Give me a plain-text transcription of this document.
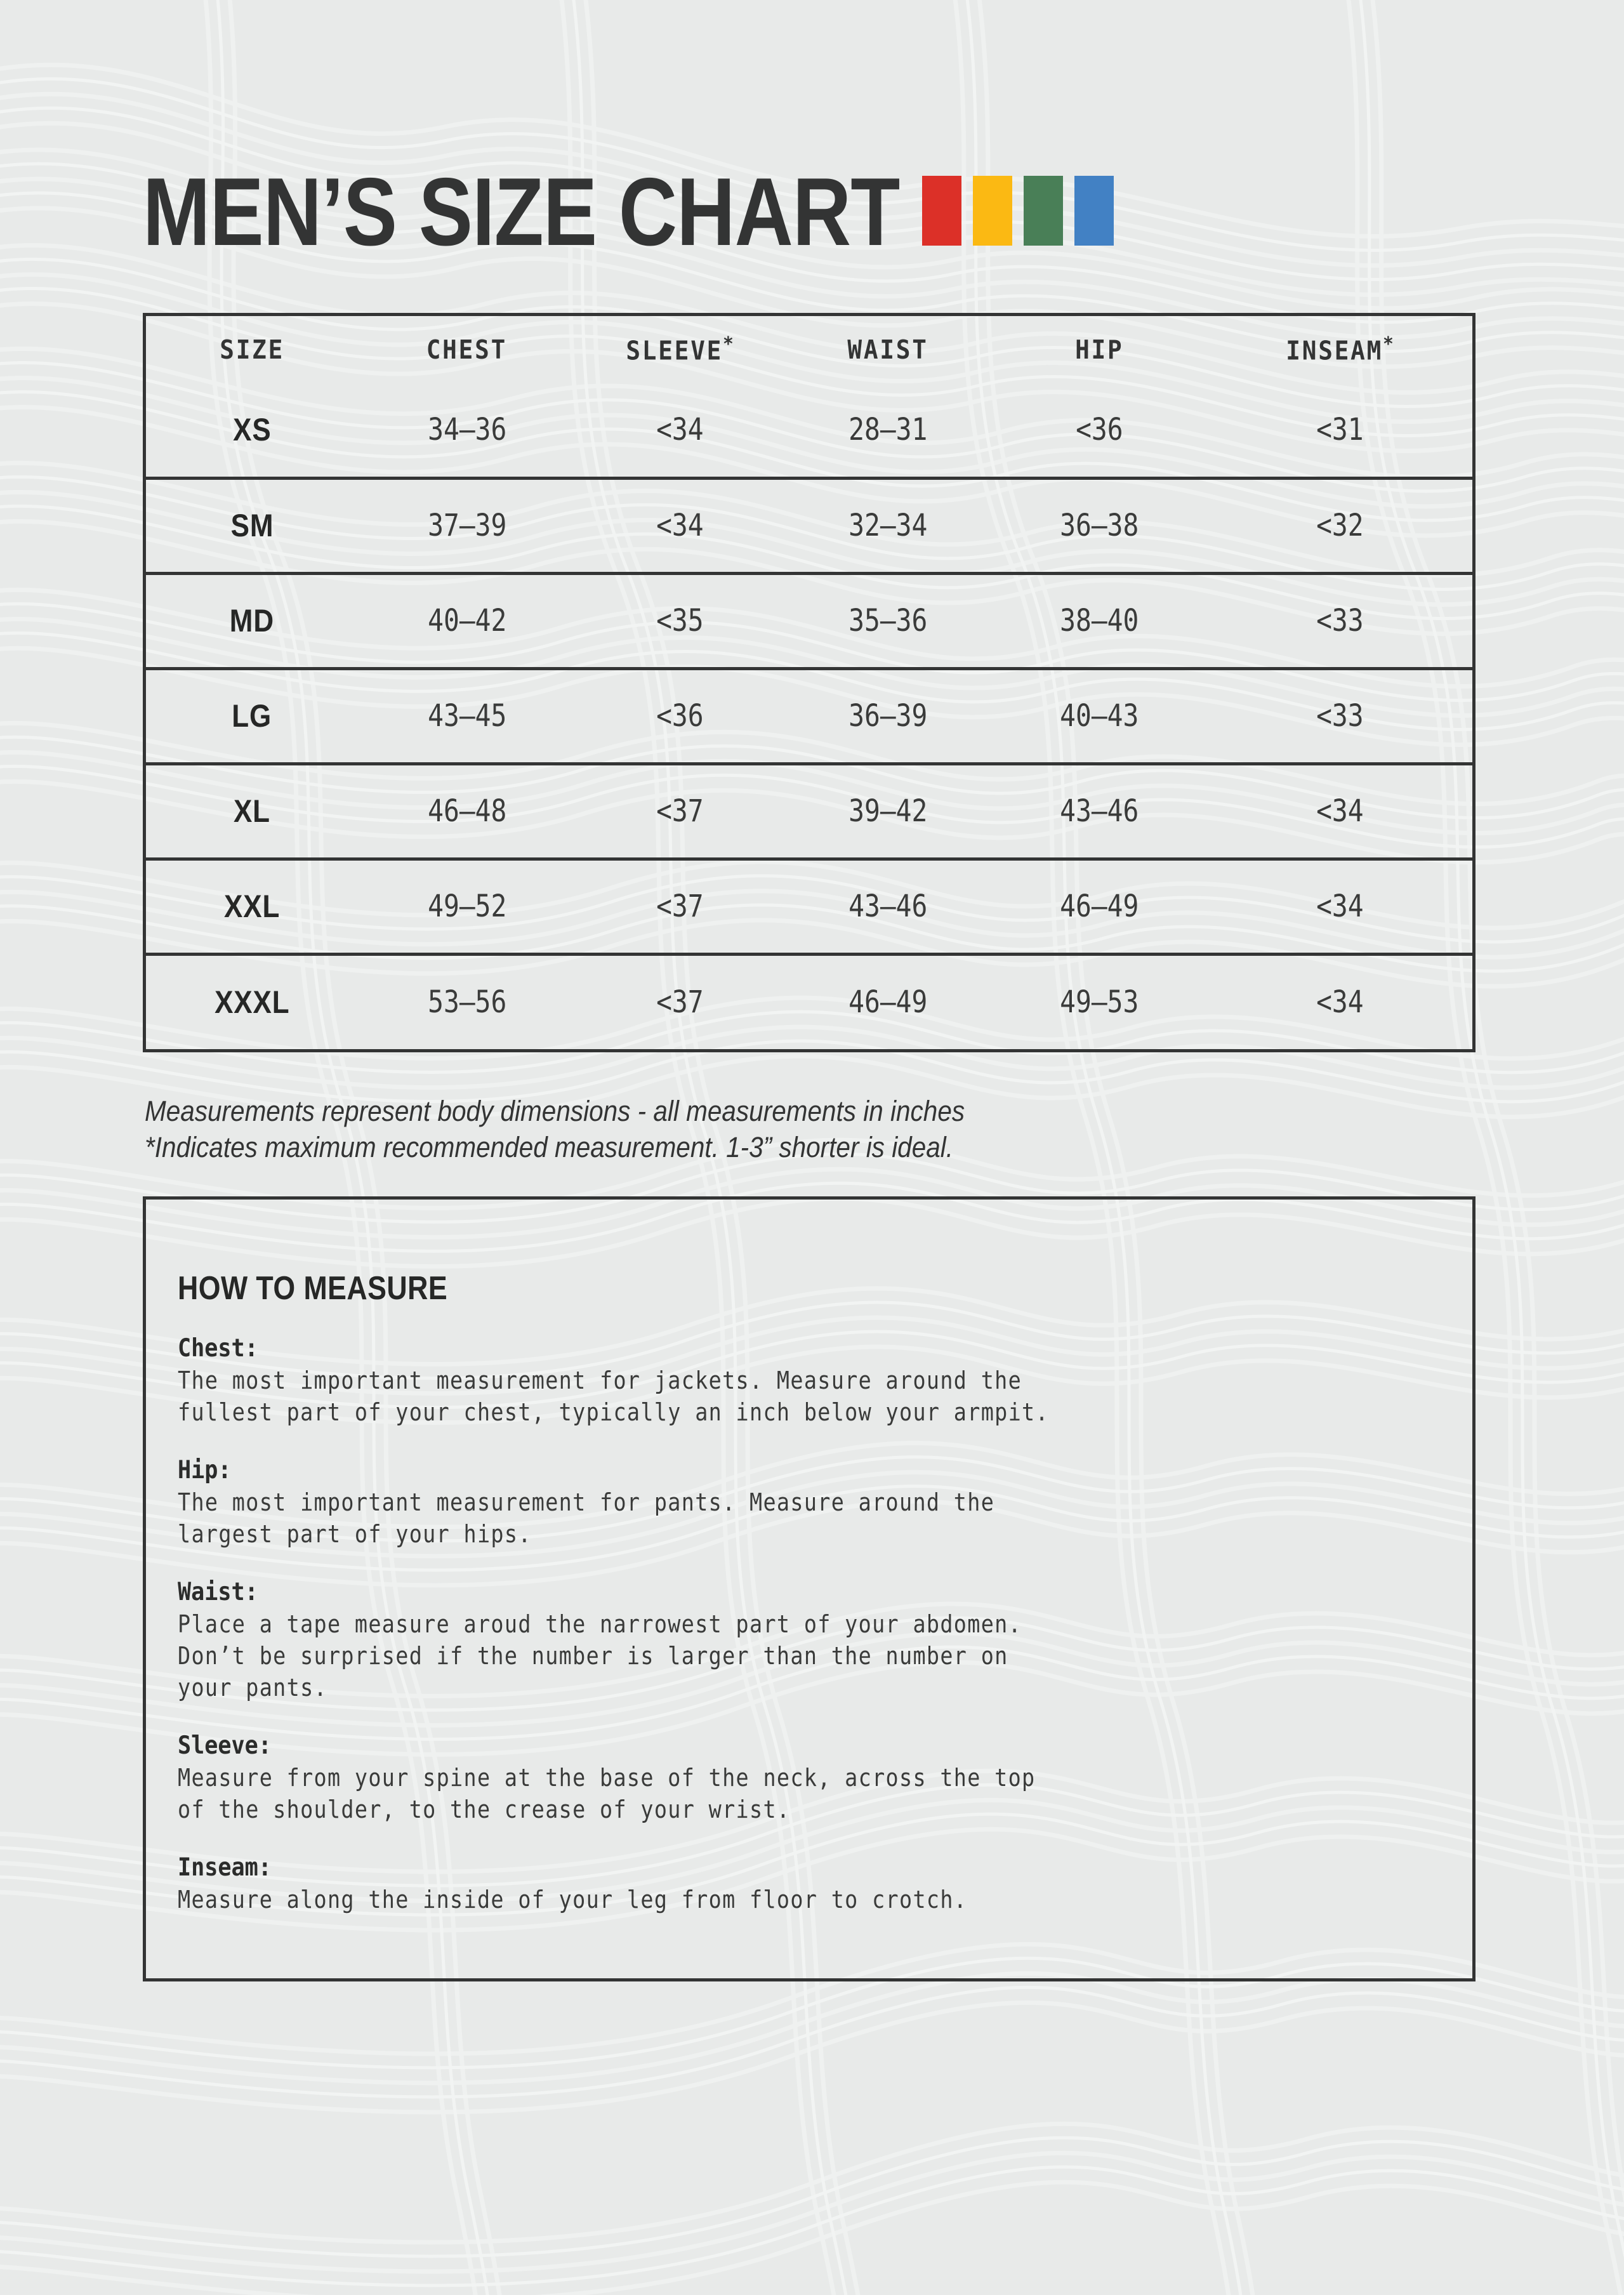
MEN’S SIZE CHART
SIZE	CHEST	SLEEVE*	WAIST	HIP	INSEAM*
XS	34–36	<34	28–31	<36	<31
SM	37–39	<34	32–34	36–38	<32
MD	40–42	<35	35–36	38–40	<33
LG	43–45	<36	36–39	40–43	<33
XL	46–48	<37	39–42	43–46	<34
XXL	49–52	<37	43–46	46–49	<34
XXXL	53–56	<37	46–49	49–53	<34
Measurements represent body dimensions - all measurements in inches
*Indicates maximum recommended measurement. 1-3” shorter is ideal.
HOW TO MEASURE
Chest:
The most important measurement for jackets. Measure around the
fullest part of your chest, typically an inch below your armpit.
Hip:
The most important measurement for pants. Measure around the
largest part of your hips.
Waist:
Place a tape measure aroud the narrowest part of your abdomen.
Don’t be surprised if the number is larger than the number on
your pants.
Sleeve:
Measure from your spine at the base of the neck, across the top
of the shoulder, to the crease of your wrist.
Inseam:
Measure along the inside of your leg from floor to crotch.
